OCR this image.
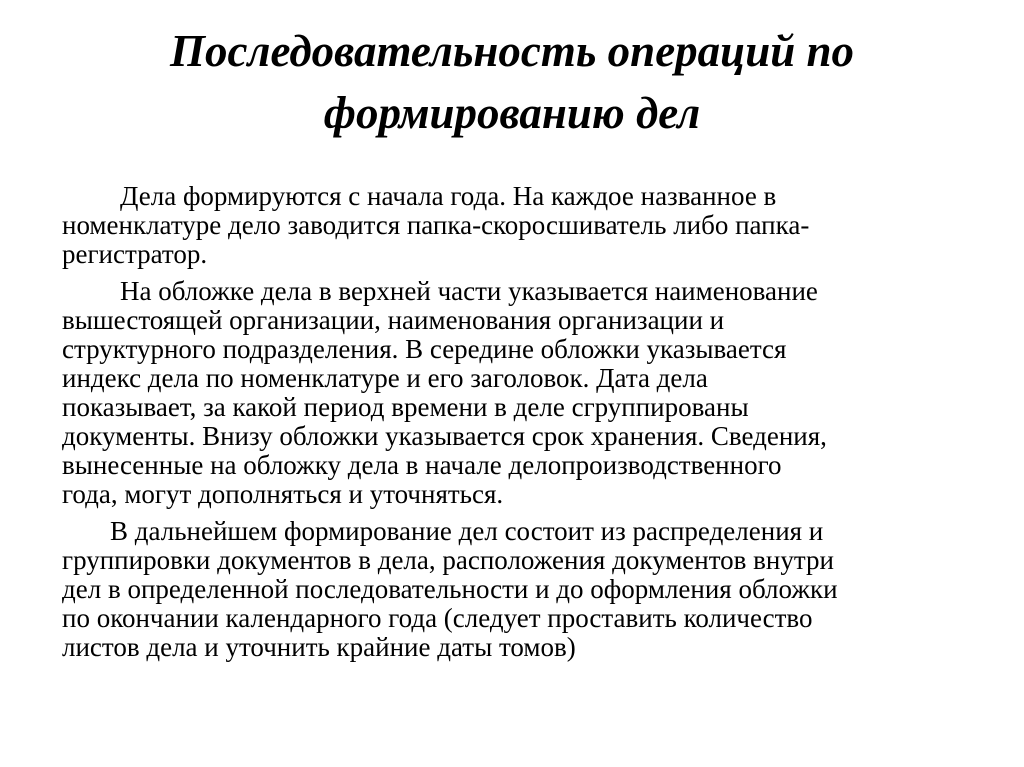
Последовательность операций по
формированию дел

Дела формируются с начала года. На каждое названное в
номенклатуре дело заводится папка-скоросшиватель либо папка-
регистратор.

На обложке дела в верхней части указывается наименование
вышестоящей организации, наименования организации и
структурного подразделения. В середине обложки указывается
индекс дела по номенклатуре и его заголовок. Дата дела
показывает, за какой период времени в деле сгруппированы
документы. Внизу обложки указывается срок хранения. Сведения,
вынесенные на обложку дела в начале делопроизводственного
года, могут дополняться и уточняться.

В дальнейшем формирование дел состоит из распределения и
группировки документов в дела, расположения документов внутри
дел в определенной последовательности и до оформления обложки
по окончании календарного года (следует проставить количество
листов дела и уточнить крайние даты томов)
